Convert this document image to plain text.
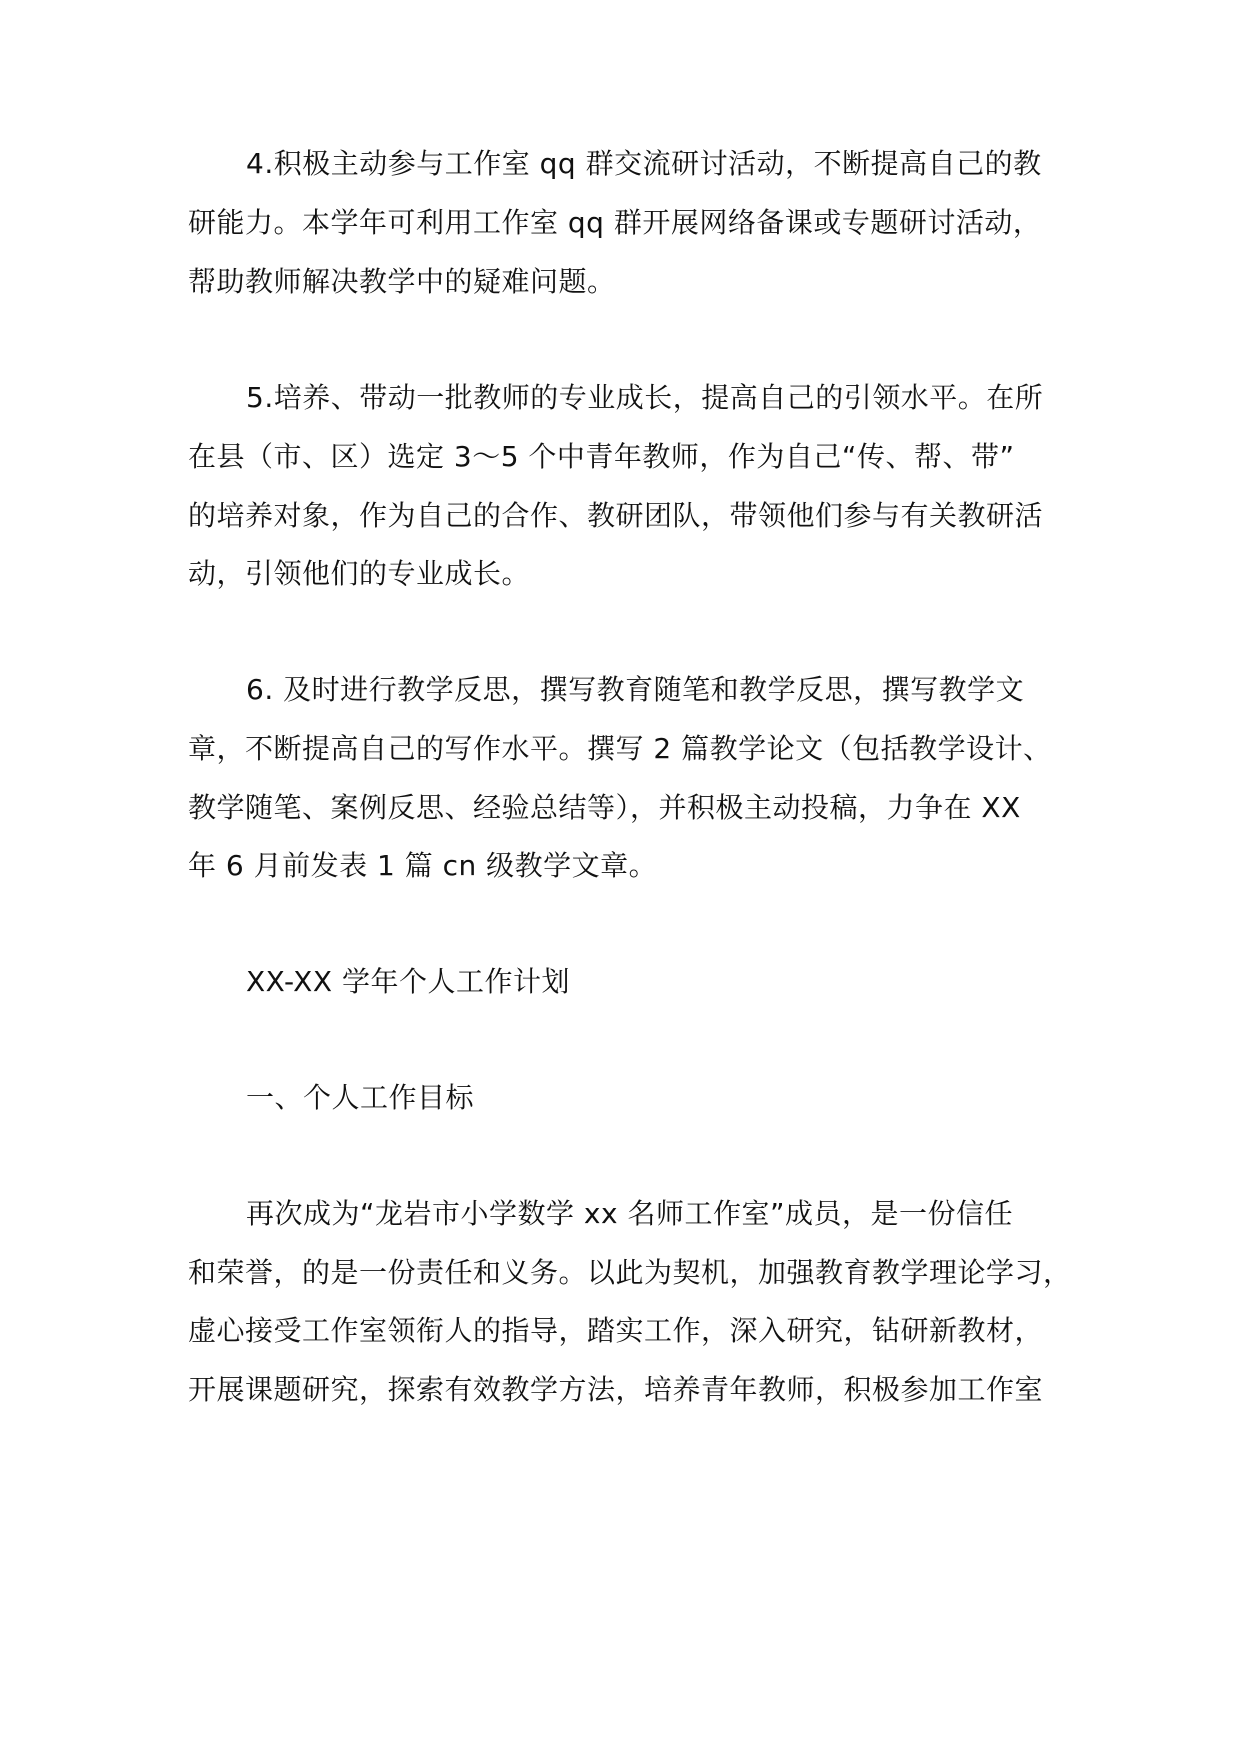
4.积极主动参与工作室 qq 群交流研讨活动，不断提高自己的教
研能力。本学年可利用工作室 qq 群开展网络备课或专题研讨活动，
帮助教师解决教学中的疑难问题。
5.培养、带动一批教师的专业成长，提高自己的引领水平。在所
在县（市、区）选定 3～5 个中青年教师，作为自己“传、帮、带”
的培养对象，作为自己的合作、教研团队，带领他们参与有关教研活
动，引领他们的专业成长。
6. 及时进行教学反思，撰写教育随笔和教学反思，撰写教学文
章，不断提高自己的写作水平。撰写 2 篇教学论文（包括教学设计、
教学随笔、案例反思、经验总结等），并积极主动投稿，力争在 XX
年 6 月前发表 1 篇 cn 级教学文章。
XX-XX 学年个人工作计划
一、个人工作目标
再次成为“龙岩市小学数学 xx 名师工作室”成员，是一份信任
和荣誉，的是一份责任和义务。以此为契机，加强教育教学理论学习，
虚心接受工作室领衔人的指导，踏实工作，深入研究，钻研新教材，
开展课题研究，探索有效教学方法，培养青年教师，积极参加工作室
